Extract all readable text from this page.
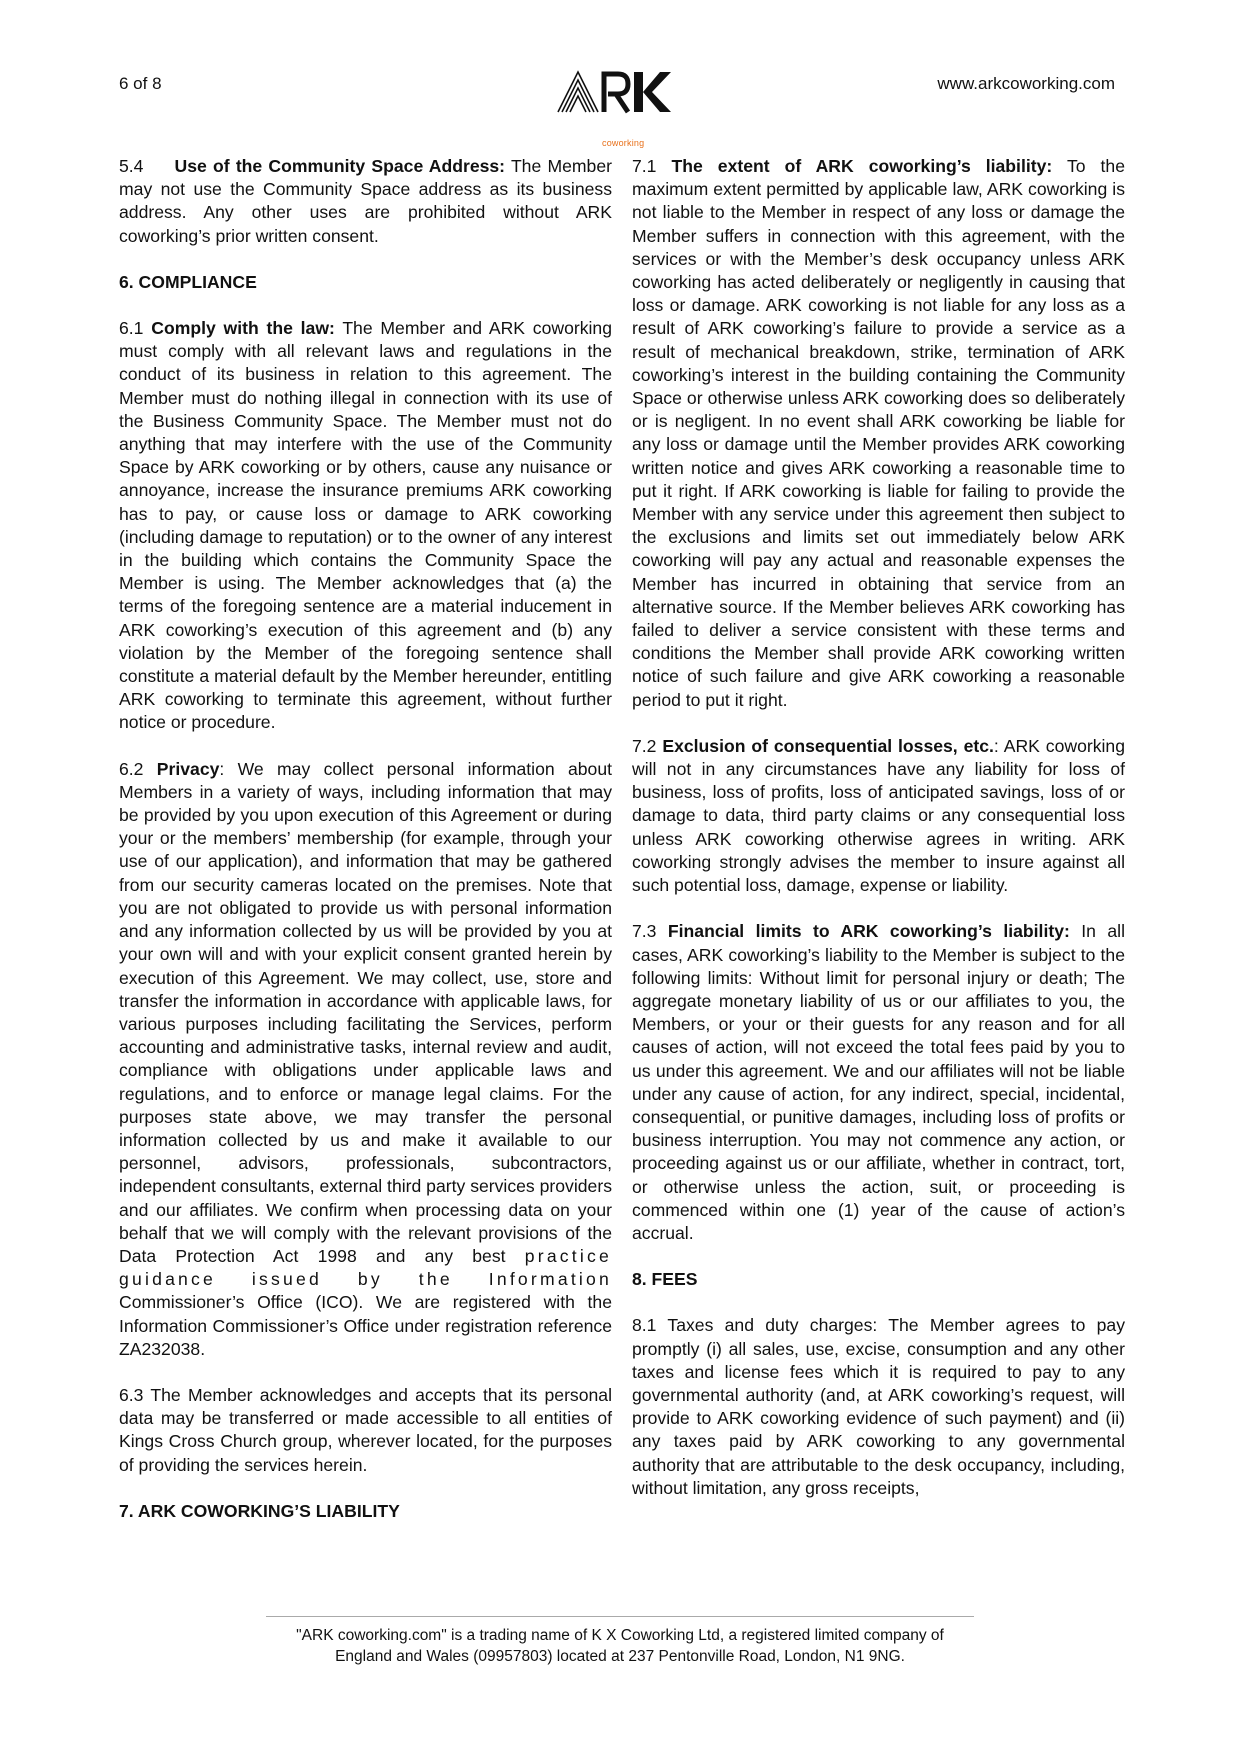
6 of 8
coworking
www.arkcoworking.com

5.4 Use of the Community Space Address: The Member may not use the Community Space address as its business address. Any other uses are prohibited without ARK coworking’s prior written consent.

6. COMPLIANCE

6.1 Comply with the law: The Member and ARK coworking must comply with all relevant laws and regulations in the conduct of its business in relation to this agreement. The Member must do nothing illegal in connection with its use of the Business Community Space. The Member must not do anything that may interfere with the use of the Community Space by ARK coworking or by others, cause any nuisance or annoyance, increase the insurance premiums ARK coworking has to pay, or cause loss or damage to ARK coworking (including damage to reputation) or to the owner of any interest in the building which contains the Community Space the Member is using. The Member acknowledges that (a) the terms of the foregoing sentence are a material inducement in ARK coworking’s execution of this agreement and (b) any violation by the Member of the foregoing sentence shall constitute a material default by the Member hereunder, entitling ARK coworking to terminate this agreement, without further notice or procedure.

6.2 Privacy: We may collect personal information about Members in a variety of ways, including information that may be provided by you upon execution of this Agreement or during your or the members’ membership (for example, through your use of our application), and information that may be gathered from our security cameras located on the premises. Note that you are not obligated to provide us with personal information and any information collected by us will be provided by you at your own will and with your explicit consent granted herein by execution of this Agreement. We may collect, use, store and transfer the information in accordance with applicable laws, for various purposes including facilitating the Services, perform accounting and administrative tasks, internal review and audit, compliance with obligations under applicable laws and regulations, and to enforce or manage legal claims. For the purposes state above, we may transfer the personal information collected by us and make it available to our personnel, advisors, professionals, subcontractors, independent consultants, external third party services providers and our affiliates. We confirm when processing data on your behalf that we will comply with the relevant provisions of the Data Protection Act 1998 and any best practice guidance issued by the Information Commissioner’s Office (ICO). We are registered with the Information Commissioner’s Office under registration reference ZA232038.

6.3 The Member acknowledges and accepts that its personal data may be transferred or made accessible to all entities of Kings Cross Church group, wherever located, for the purposes of providing the services herein.

7. ARK COWORKING’S LIABILITY

7.1 The extent of ARK coworking’s liability: To the maximum extent permitted by applicable law, ARK coworking is not liable to the Member in respect of any loss or damage the Member suffers in connection with this agreement, with the services or with the Member’s desk occupancy unless ARK coworking has acted deliberately or negligently in causing that loss or damage. ARK coworking is not liable for any loss as a result of ARK coworking’s failure to provide a service as a result of mechanical breakdown, strike, termination of ARK coworking’s interest in the building containing the Community Space or otherwise unless ARK coworking does so deliberately or is negligent. In no event shall ARK coworking be liable for any loss or damage until the Member provides ARK coworking written notice and gives ARK coworking a reasonable time to put it right. If ARK coworking is liable for failing to provide the Member with any service under this agreement then subject to the exclusions and limits set out immediately below ARK coworking will pay any actual and reasonable expenses the Member has incurred in obtaining that service from an alternative source. If the Member believes ARK coworking has failed to deliver a service consistent with these terms and conditions the Member shall provide ARK coworking written notice of such failure and give ARK coworking a reasonable period to put it right.

7.2 Exclusion of consequential losses, etc.: ARK coworking will not in any circumstances have any liability for loss of business, loss of profits, loss of anticipated savings, loss of or damage to data, third party claims or any consequential loss unless ARK coworking otherwise agrees in writing. ARK coworking strongly advises the member to insure against all such potential loss, damage, expense or liability.

7.3 Financial limits to ARK coworking’s liability: In all cases, ARK coworking’s liability to the Member is subject to the following limits: Without limit for personal injury or death; The aggregate monetary liability of us or our affiliates to you, the Members, or your or their guests for any reason and for all causes of action, will not exceed the total fees paid by you to us under this agreement. We and our affiliates will not be liable under any cause of action, for any indirect, special, incidental, consequential, or punitive damages, including loss of profits or business interruption. You may not commence any action, or proceeding against us or our affiliate, whether in contract, tort, or otherwise unless the action, suit, or proceeding is commenced within one (1) year of the cause of action’s accrual.

8. FEES

8.1 Taxes and duty charges: The Member agrees to pay promptly (i) all sales, use, excise, consumption and any other taxes and license fees which it is required to pay to any governmental authority (and, at ARK coworking’s request, will provide to ARK coworking evidence of such payment) and (ii) any taxes paid by ARK coworking to any governmental authority that are attributable to the desk occupancy, including, without limitation, any gross receipts,

"ARK coworking.com" is a trading name of K X Coworking Ltd, a registered limited company of
England and Wales (09957803) located at 237 Pentonville Road, London, N1 9NG.
